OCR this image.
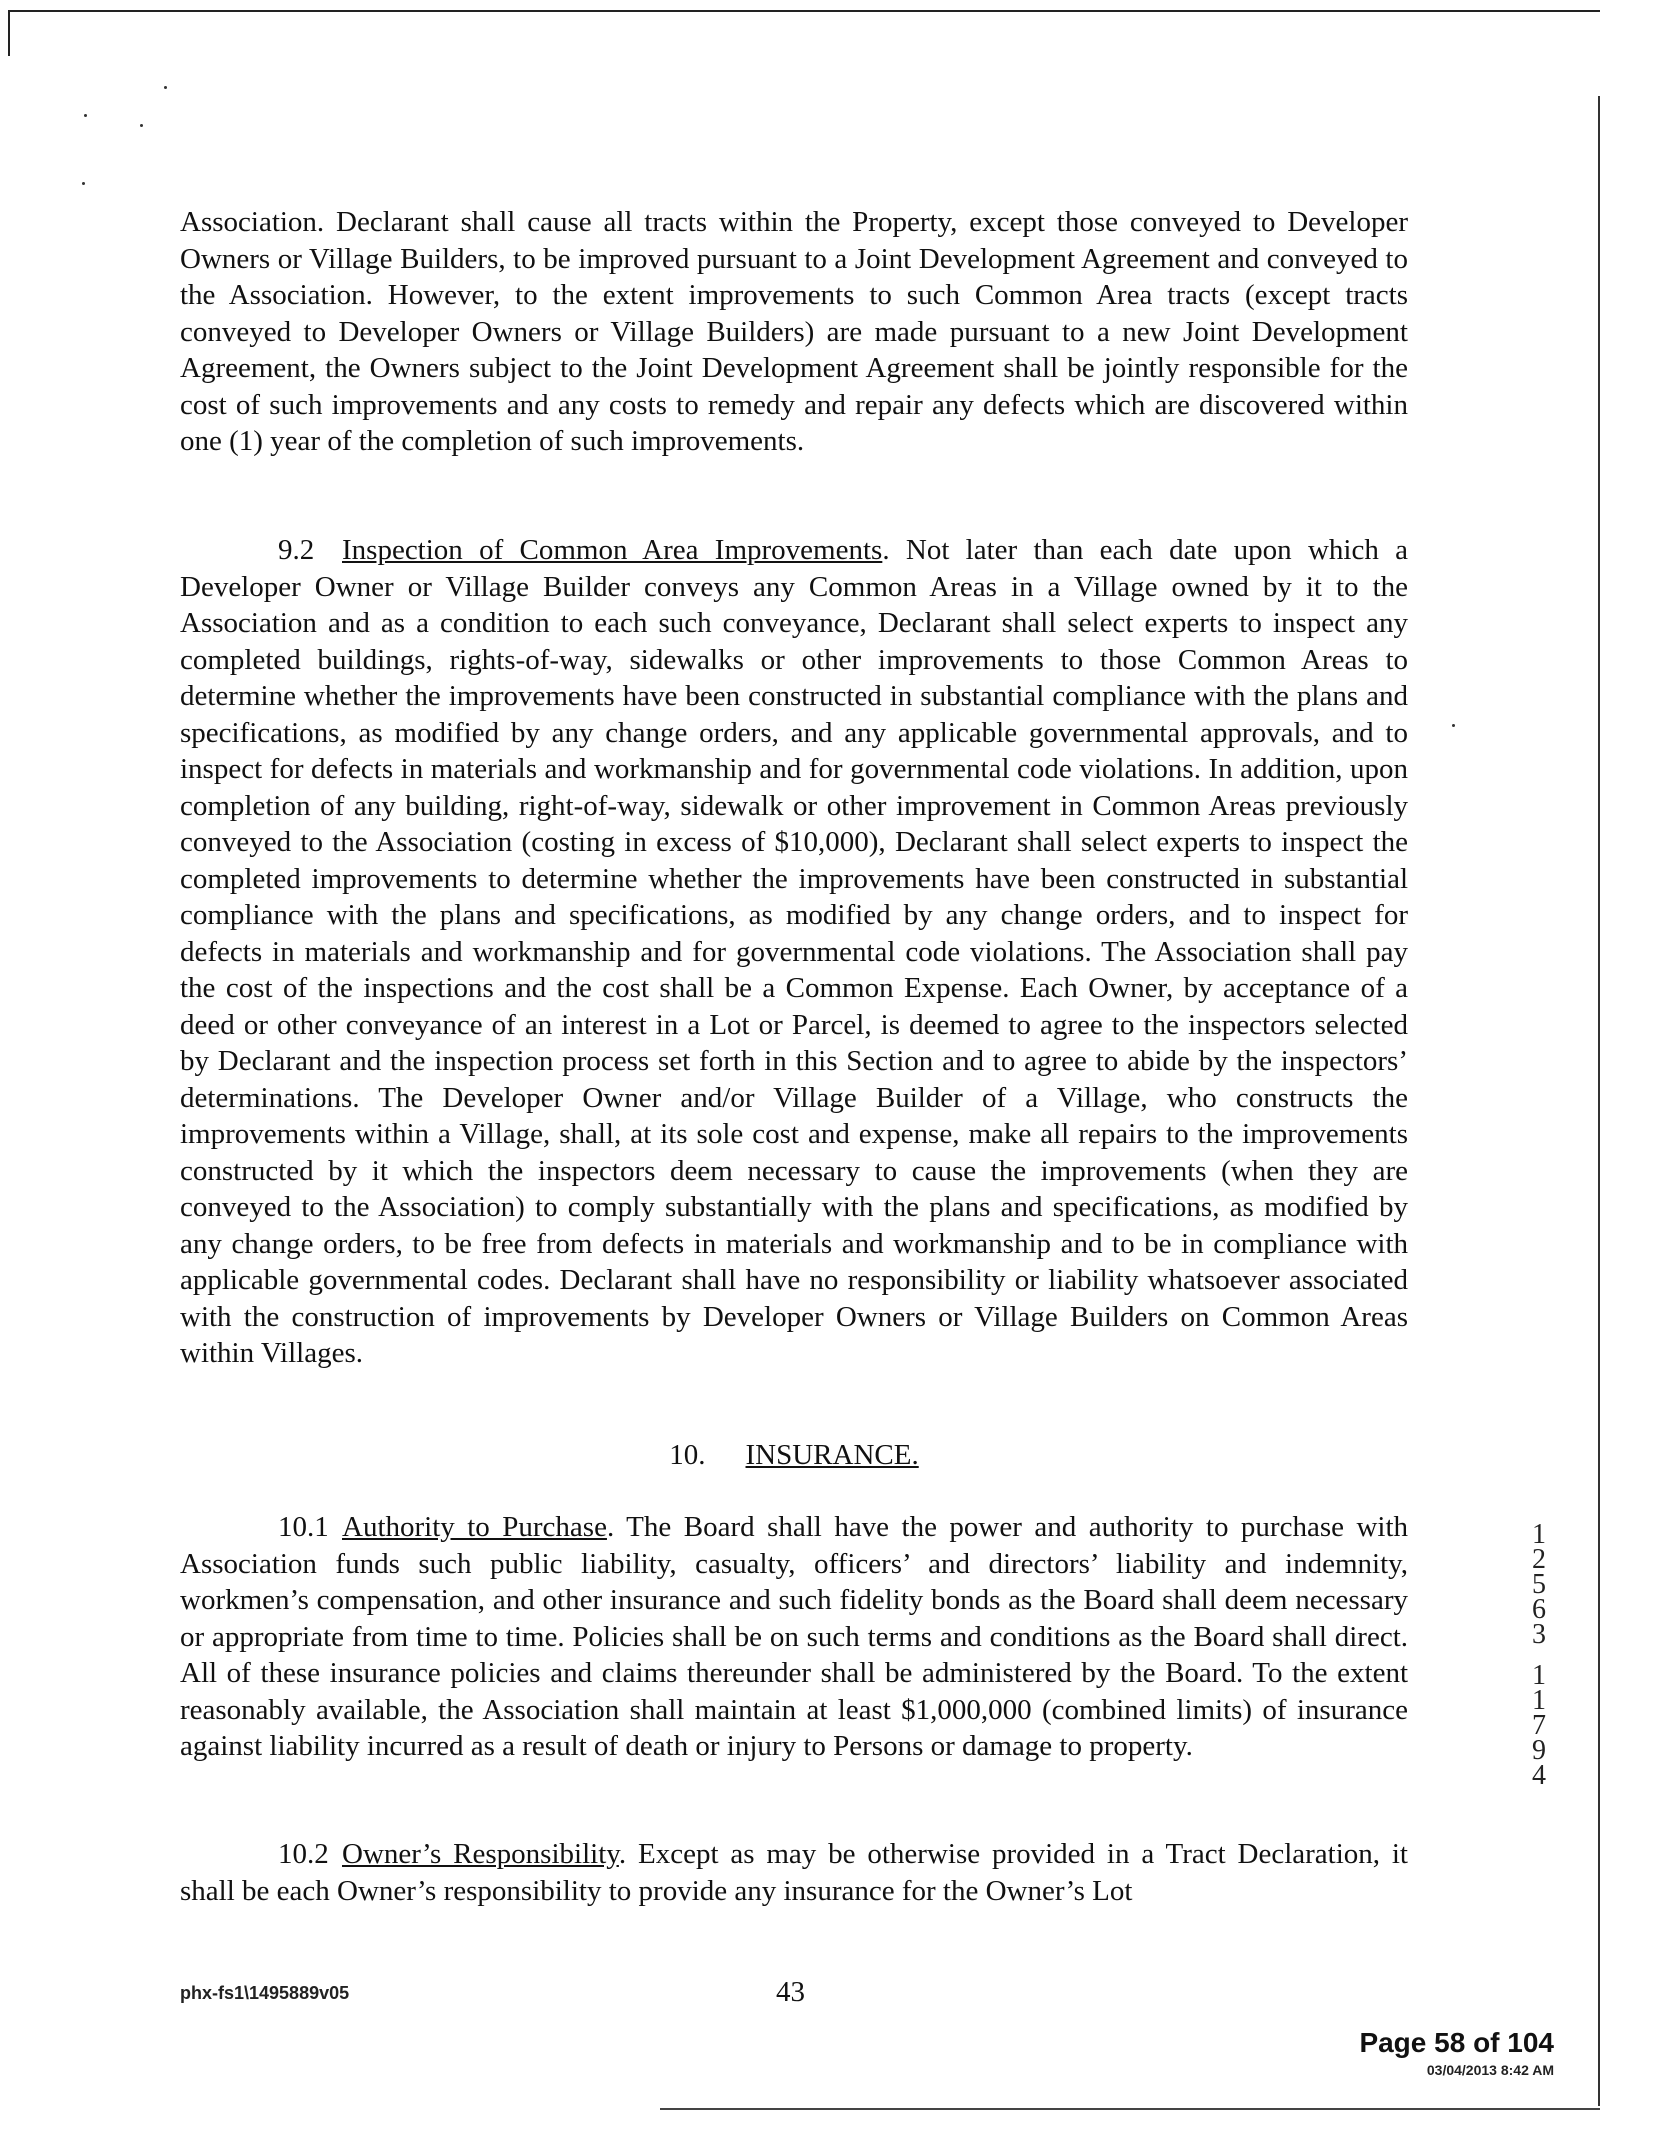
Association. Declarant shall cause all tracts within the Property, except those conveyed to Developer Owners or Village Builders, to be improved pursuant to a Joint Development Agreement and conveyed to the Association. However, to the extent improvements to such Common Area tracts (except tracts conveyed to Developer Owners or Village Builders) are made pursuant to a new Joint Development Agreement, the Owners subject to the Joint Development Agreement shall be jointly responsible for the cost of such improvements and any costs to remedy and repair any defects which are discovered within one (1) year of the completion of such improvements.

9.2 Inspection of Common Area Improvements. Not later than each date upon which a Developer Owner or Village Builder conveys any Common Areas in a Village owned by it to the Association and as a condition to each such conveyance, Declarant shall select experts to inspect any completed buildings, rights-of-way, sidewalks or other improvements to those Common Areas to determine whether the improvements have been constructed in substantial compliance with the plans and specifications, as modified by any change orders, and any applicable governmental approvals, and to inspect for defects in materials and workmanship and for governmental code violations. In addition, upon completion of any building, right-of-way, sidewalk or other improvement in Common Areas previously conveyed to the Association (costing in excess of $10,000), Declarant shall select experts to inspect the completed improvements to determine whether the improvements have been constructed in substantial compliance with the plans and specifications, as modified by any change orders, and to inspect for defects in materials and workmanship and for governmental code violations. The Association shall pay the cost of the inspections and the cost shall be a Common Expense. Each Owner, by acceptance of a deed or other conveyance of an interest in a Lot or Parcel, is deemed to agree to the inspectors selected by Declarant and the inspection process set forth in this Section and to agree to abide by the inspectors’ determinations. The Developer Owner and/or Village Builder of a Village, who constructs the improvements within a Village, shall, at its sole cost and expense, make all repairs to the improvements constructed by it which the inspectors deem necessary to cause the improvements (when they are conveyed to the Association) to comply substantially with the plans and specifications, as modified by any change orders, to be free from defects in materials and workmanship and to be in compliance with applicable governmental codes. Declarant shall have no responsibility or liability whatsoever associated with the construction of improvements by Developer Owners or Village Builders on Common Areas within Villages.

10. INSURANCE.

10.1 Authority to Purchase. The Board shall have the power and authority to purchase with Association funds such public liability, casualty, officers’ and directors’ liability and indemnity, workmen’s compensation, and other insurance and such fidelity bonds as the Board shall deem necessary or appropriate from time to time. Policies shall be on such terms and conditions as the Board shall direct. All of these insurance policies and claims thereunder shall be administered by the Board. To the extent reasonably available, the Association shall maintain at least $1,000,000 (combined limits) of insurance against liability incurred as a result of death or injury to Persons or damage to property.

10.2 Owner’s Responsibility. Except as may be otherwise provided in a Tract Declaration, it shall be each Owner’s responsibility to provide any insurance for the Owner’s Lot

1
2
5
6
3
1
1
7
9
4
phx-fs1\1495889v05	43
Page 58 of 104
03/04/2013 8:42 AM
